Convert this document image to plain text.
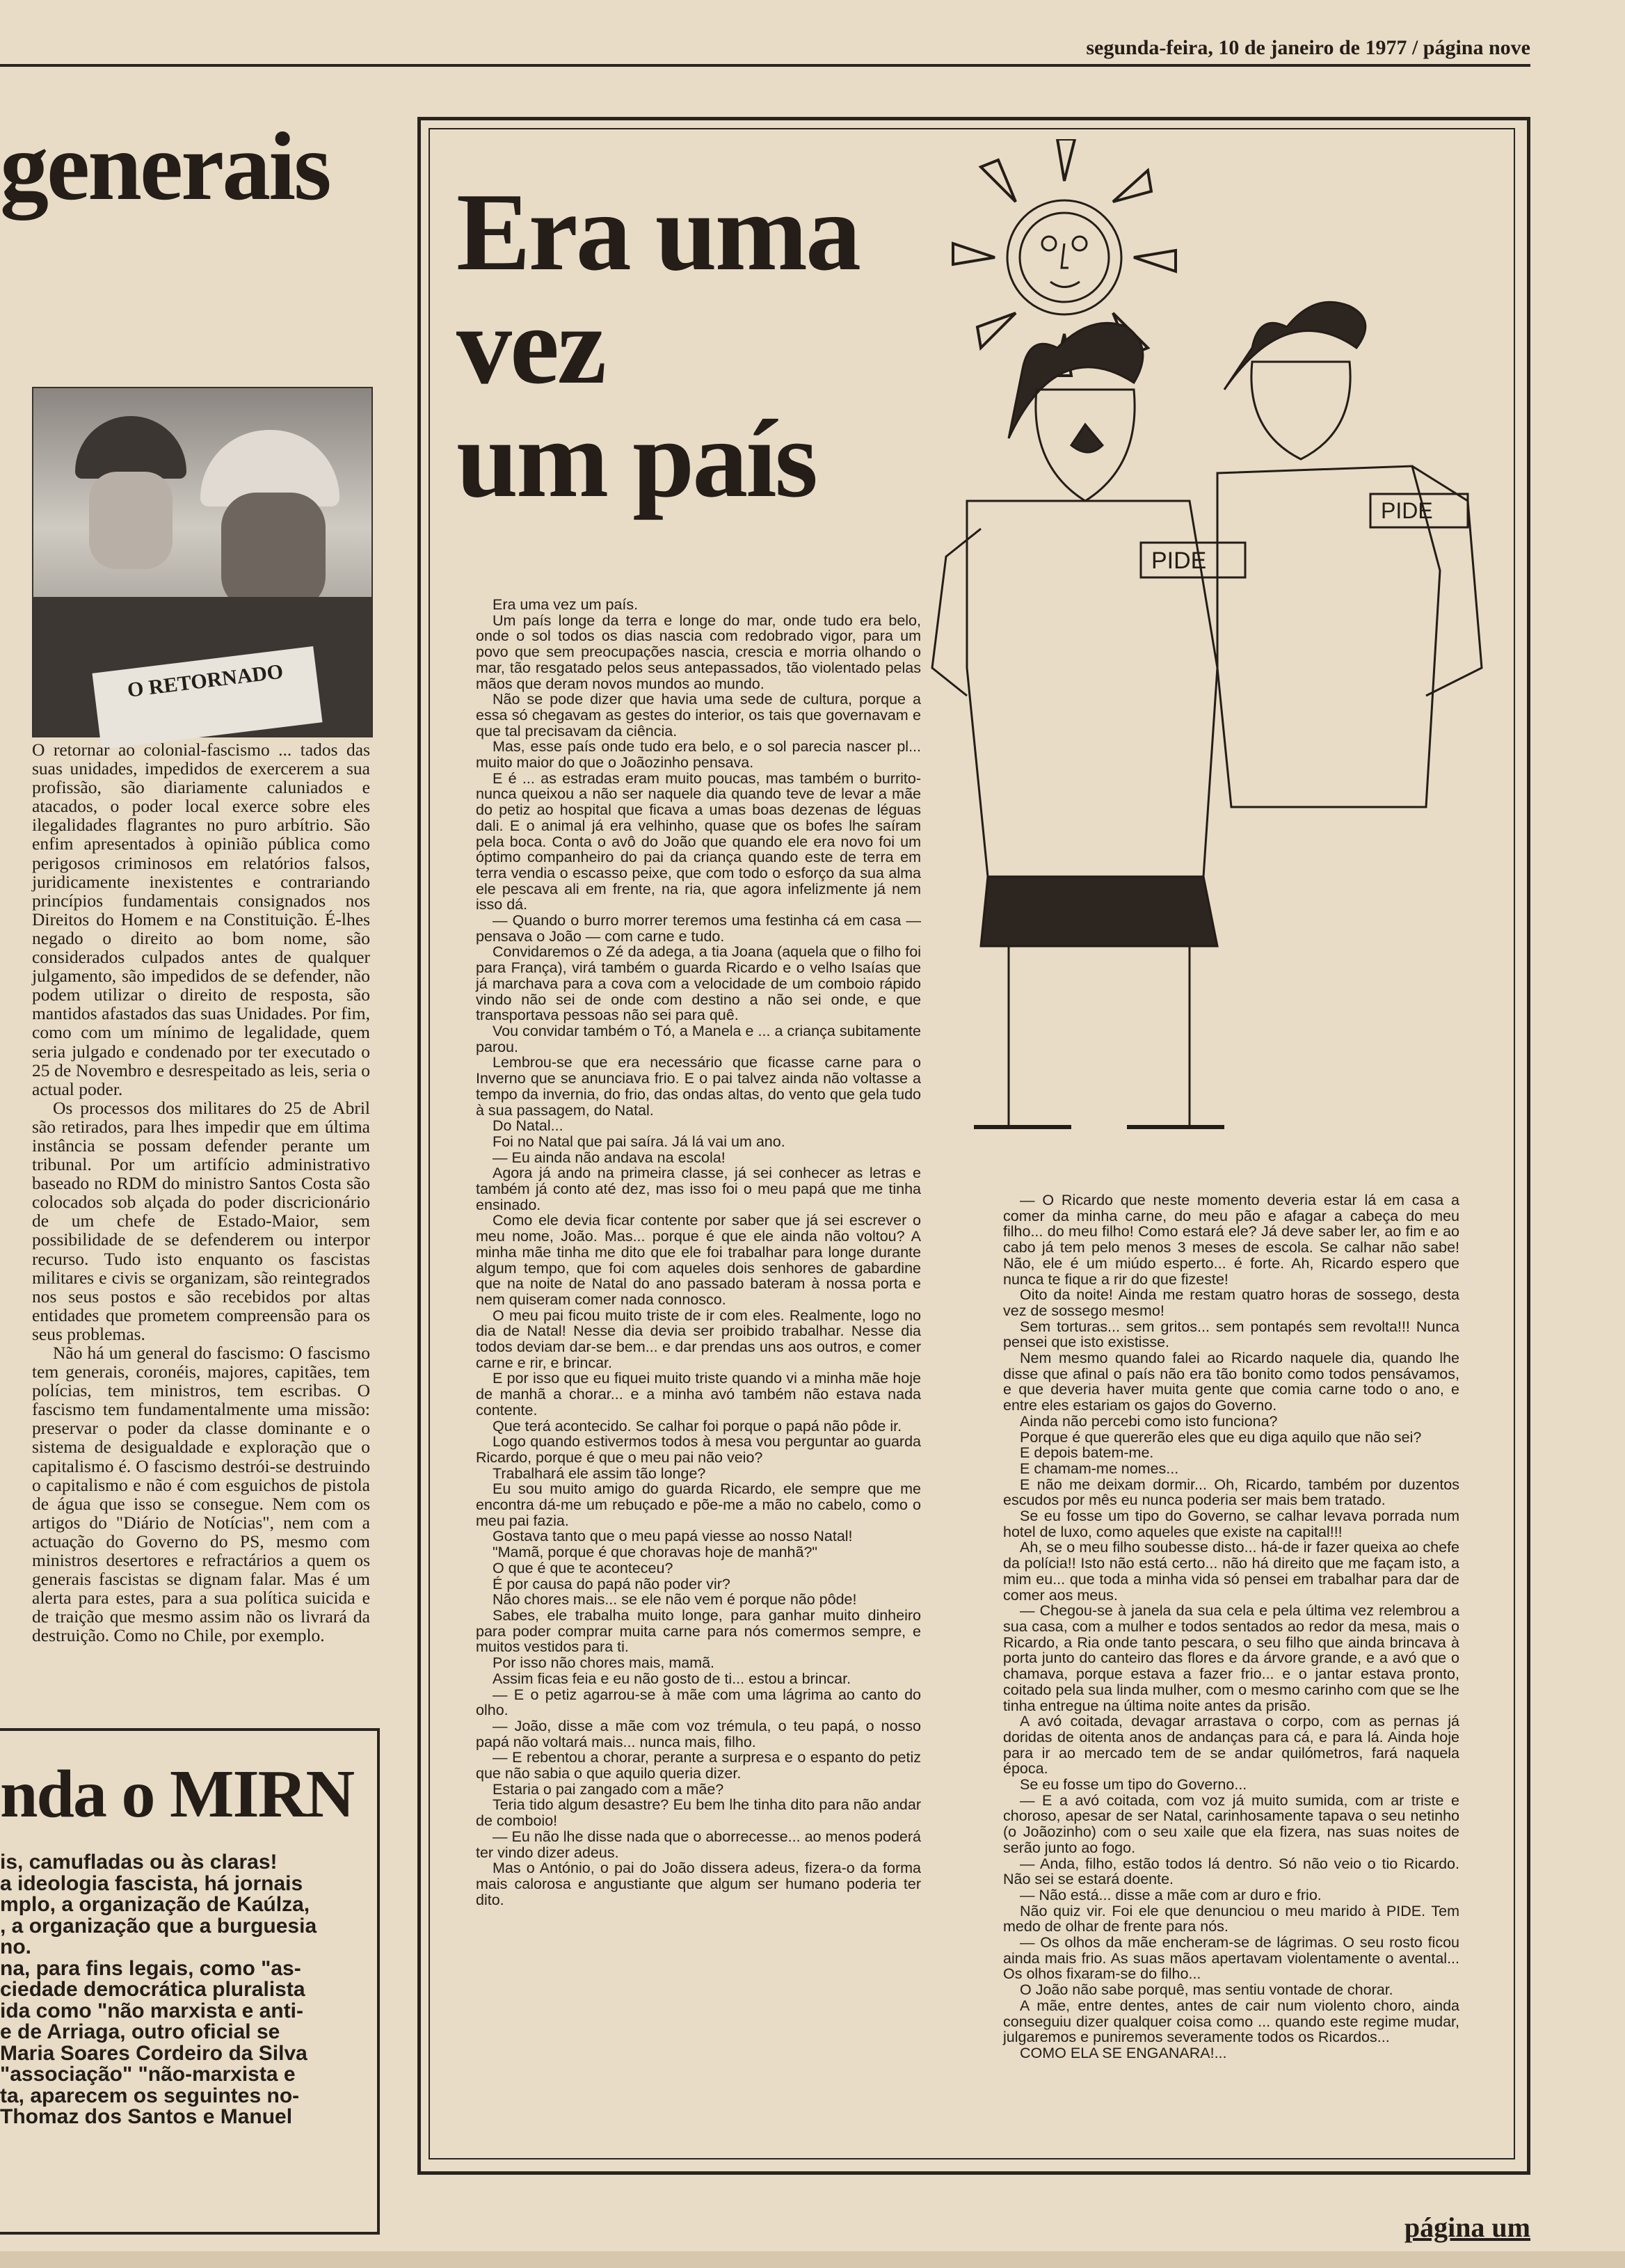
segunda-feira, 10 de janeiro de 1977 / página nove
generais
O RETORNADO

O retornar ao colonial-fascismo ... tados das suas unidades, impedidos de exercerem a sua profissão, são diariamente caluniados e atacados, o poder local exerce sobre eles ilegalidades flagrantes no puro arbítrio. São enfim apresentados à opinião pública como perigosos criminosos em relatórios falsos, juridicamente inexistentes e contrariando princípios fundamentais consignados nos Direitos do Homem e na Constituição. É-lhes negado o direito ao bom nome, são considerados culpados antes de qualquer julgamento, são impedidos de se defender, não podem utilizar o direito de resposta, são mantidos afastados das suas Unidades. Por fim, como com um mínimo de legalidade, quem seria julgado e condenado por ter executado o 25 de Novembro e desrespeitado as leis, seria o actual poder.

Os processos dos militares do 25 de Abril são retirados, para lhes impedir que em última instância se possam defender perante um tribunal. Por um artifício administrativo baseado no RDM do ministro Santos Costa são colocados sob alçada do poder discricionário de um chefe de Estado-Maior, sem possibilidade de se defenderem ou interpor recurso. Tudo isto enquanto os fascistas militares e civis se organizam, são reintegrados nos seus postos e são recebidos por altas entidades que prometem compreensão para os seus problemas.

Não há um general do fascismo: O fascismo tem generais, coronéis, majores, capitães, tem polícias, tem ministros, tem escribas. O fascismo tem fundamentalmente uma missão: preservar o poder da classe dominante e o sistema de desigualdade e exploração que o capitalismo é. O fascismo destrói-se destruindo o capitalismo e não é com esguichos de pistola de água que isso se consegue. Nem com os artigos do "Diário de Notícias", nem com a actuação do Governo do PS, mesmo com ministros desertores e refractários a quem os generais fascistas se dignam falar. Mas é um alerta para estes, para a sua política suicida e de traição que mesmo assim não os livrará da destruição. Como no Chile, por exemplo.

nda o MIRN
is, camufladas ou às claras!
a ideologia fascista, há jornais
mplo, a organização de Kaúlza,
, a organização que a burguesia
no.
na, para fins legais, como "as-
ciedade democrática pluralista
ida como "não marxista e anti-
e de Arriaga, outro oficial se
Maria Soares Cordeiro da Silva
"associação" "não-marxista e
ta, aparecem os seguintes no-
Thomaz dos Santos e Manuel
Era uma
vez
um país
PIDE
PIDE

Era uma vez um país.

Um país longe da terra e longe do mar, onde tudo era belo, onde o sol todos os dias nascia com redobrado vigor, para um povo que sem preocupações nascia, crescia e morria olhando o mar, tão resgatado pelos seus antepassados, tão violentado pelas mãos que deram novos mundos ao mundo.

Não se pode dizer que havia uma sede de cultura, porque a essa só chegavam as gestes do interior, os tais que governavam e que tal precisavam da ciência.

Mas, esse país onde tudo era belo, e o sol parecia nascer pl... muito maior do que o Joãozinho pensava.

E é ... as estradas eram muito poucas, mas também o burrito-nunca queixou a não ser naquele dia quando teve de levar a mãe do petiz ao hospital que ficava a umas boas dezenas de léguas dali. E o animal já era velhinho, quase que os bofes lhe saíram pela boca. Conta o avô do João que quando ele era novo foi um óptimo companheiro do pai da criança quando este de terra em terra vendia o escasso peixe, que com todo o esforço da sua alma ele pescava ali em frente, na ria, que agora infelizmente já nem isso dá.

— Quando o burro morrer teremos uma festinha cá em casa — pensava o João — com carne e tudo.

Convidaremos o Zé da adega, a tia Joana (aquela que o filho foi para França), virá também o guarda Ricardo e o velho Isaías que já marchava para a cova com a velocidade de um comboio rápido vindo não sei de onde com destino a não sei onde, e que transportava pessoas não sei para quê.

Vou convidar também o Tó, a Manela e ... a criança subitamente parou.

Lembrou-se que era necessário que ficasse carne para o Inverno que se anunciava frio. E o pai talvez ainda não voltasse a tempo da invernia, do frio, das ondas altas, do vento que gela tudo à sua passagem, do Natal.

Do Natal...

Foi no Natal que pai saíra. Já lá vai um ano.

— Eu ainda não andava na escola!

Agora já ando na primeira classe, já sei conhecer as letras e também já conto até dez, mas isso foi o meu papá que me tinha ensinado.

Como ele devia ficar contente por saber que já sei escrever o meu nome, João. Mas... porque é que ele ainda não voltou? A minha mãe tinha me dito que ele foi trabalhar para longe durante algum tempo, que foi com aqueles dois senhores de gabardine que na noite de Natal do ano passado bateram à nossa porta e nem quiseram comer nada connosco.

O meu pai ficou muito triste de ir com eles. Realmente, logo no dia de Natal! Nesse dia devia ser proibido trabalhar. Nesse dia todos deviam dar-se bem... e dar prendas uns aos outros, e comer carne e rir, e brincar.

E por isso que eu fiquei muito triste quando vi a minha mãe hoje de manhã a chorar... e a minha avó também não estava nada contente.

Que terá acontecido. Se calhar foi porque o papá não pôde ir.

Logo quando estivermos todos à mesa vou perguntar ao guarda Ricardo, porque é que o meu pai não veio?

Trabalhará ele assim tão longe?

Eu sou muito amigo do guarda Ricardo, ele sempre que me encontra dá-me um rebuçado e põe-me a mão no cabelo, como o meu pai fazia.

Gostava tanto que o meu papá viesse ao nosso Natal!

"Mamã, porque é que choravas hoje de manhã?"

O que é que te aconteceu?

É por causa do papá não poder vir?

Não chores mais... se ele não vem é porque não pôde!

Sabes, ele trabalha muito longe, para ganhar muito dinheiro para poder comprar muita carne para nós comermos sempre, e muitos vestidos para ti.

Por isso não chores mais, mamã.

Assim ficas feia e eu não gosto de ti... estou a brincar.

— E o petiz agarrou-se à mãe com uma lágrima ao canto do olho.

— João, disse a mãe com voz trémula, o teu papá, o nosso papá não voltará mais... nunca mais, filho.

— E rebentou a chorar, perante a surpresa e o espanto do petiz que não sabia o que aquilo queria dizer.

Estaria o pai zangado com a mãe?

Teria tido algum desastre? Eu bem lhe tinha dito para não andar de comboio!

— Eu não lhe disse nada que o aborrecesse... ao menos poderá ter vindo dizer adeus.

Mas o António, o pai do João dissera adeus, fizera-o da forma mais calorosa e angustiante que algum ser humano poderia ter dito.

— O Ricardo que neste momento deveria estar lá em casa a comer da minha carne, do meu pão e afagar a cabeça do meu filho... do meu filho! Como estará ele? Já deve saber ler, ao fim e ao cabo já tem pelo menos 3 meses de escola. Se calhar não sabe! Não, ele é um miúdo esperto... é forte. Ah, Ricardo espero que nunca te fique a rir do que fizeste!

Oito da noite! Ainda me restam quatro horas de sossego, desta vez de sossego mesmo!

Sem torturas... sem gritos... sem pontapés sem revolta!!! Nunca pensei que isto existisse.

Nem mesmo quando falei ao Ricardo naquele dia, quando lhe disse que afinal o país não era tão bonito como todos pensávamos, e que deveria haver muita gente que comia carne todo o ano, e entre eles estariam os gajos do Governo.

Ainda não percebi como isto funciona?

Porque é que quererão eles que eu diga aquilo que não sei?

E depois batem-me.

E chamam-me nomes...

E não me deixam dormir... Oh, Ricardo, também por duzentos escudos por mês eu nunca poderia ser mais bem tratado.

Se eu fosse um tipo do Governo, se calhar levava porrada num hotel de luxo, como aqueles que existe na capital!!!

Ah, se o meu filho soubesse disto... há-de ir fazer queixa ao chefe da polícia!! Isto não está certo... não há direito que me façam isto, a mim eu... que toda a minha vida só pensei em trabalhar para dar de comer aos meus.

— Chegou-se à janela da sua cela e pela última vez relembrou a sua casa, com a mulher e todos sentados ao redor da mesa, mais o Ricardo, a Ria onde tanto pescara, o seu filho que ainda brincava à porta junto do canteiro das flores e da árvore grande, e a avó que o chamava, porque estava a fazer frio... e o jantar estava pronto, coitado pela sua linda mulher, com o mesmo carinho com que se lhe tinha entregue na última noite antes da prisão.

A avó coitada, devagar arrastava o corpo, com as pernas já doridas de oitenta anos de andanças para cá, e para lá. Ainda hoje para ir ao mercado tem de se andar quilómetros, fará naquela época.

Se eu fosse um tipo do Governo...

— E a avó coitada, com voz já muito sumida, com ar triste e choroso, apesar de ser Natal, carinhosamente tapava o seu netinho (o Joãozinho) com o seu xaile que ela fizera, nas suas noites de serão junto ao fogo.

— Anda, filho, estão todos lá dentro. Só não veio o tio Ricardo. Não sei se estará doente.

— Não está... disse a mãe com ar duro e frio.

Não quiz vir. Foi ele que denunciou o meu marido à PIDE. Tem medo de olhar de frente para nós.

— Os olhos da mãe encheram-se de lágrimas. O seu rosto ficou ainda mais frio. As suas mãos apertavam violentamente o avental... Os olhos fixaram-se do filho...

O João não sabe porquê, mas sentiu vontade de chorar.

A mãe, entre dentes, antes de cair num violento choro, ainda conseguiu dizer qualquer coisa como ... quando este regime mudar, julgaremos e puniremos severamente todos os Ricardos...

COMO ELA SE ENGANARA!...

página um
